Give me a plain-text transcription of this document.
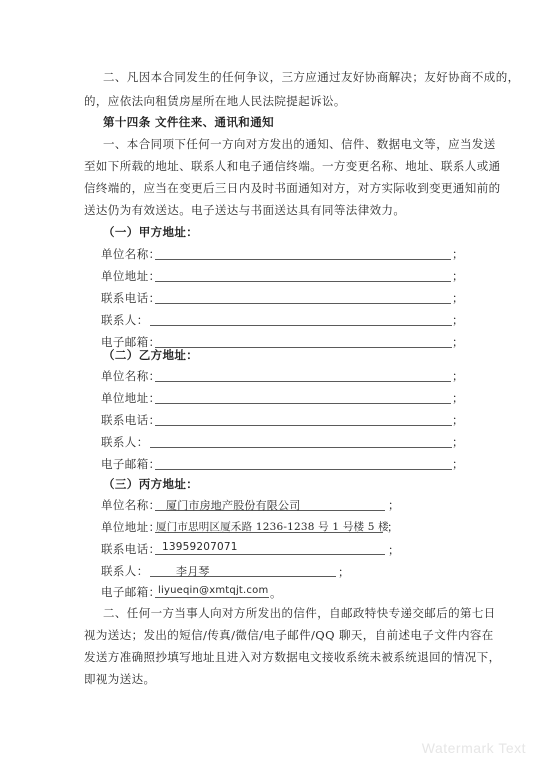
二、凡因本合同发生的任何争议，三方应通过友好协商解决；友好协商不成的，
的，应依法向租赁房屋所在地人民法院提起诉讼。
第十四条 文件往来、通讯和通知
一、本合同项下任何一方向对方发出的通知、信件、数据电文等，应当发送
至如下所载的地址、联系人和电子通信终端。一方变更名称、地址、联系人或通
信终端的，应当在变更后三日内及时书面通知对方，对方实际收到变更通知前的
送达仍为有效送达。电子送达与书面送达具有同等法律效力。
（一）甲方地址：
单位名称：	；
单位地址：	；
联系电话：	；
联系人：	；
电子邮箱：	；
（二）乙方地址：
单位名称：	；
单位地址：	；
联系电话：	；
联系人：	；
电子邮箱：	；
（三）丙方地址：
单位名称： 厦门市房地产股份有限公司	；
单位地址：
厦门市思明区厦禾路 1236-1238 号 1 号楼 5 楼
；
联系电话： 13959207071	；
联系人： 李月琴	；
电子邮箱：
liyueqin@xmtqjt.com 。
二、任何一方当事人向对方所发出的信件，自邮政特快专递交邮后的第七日
视为送达；发出的短信/传真/微信/电子邮件/QQ 聊天，自前述电子文件内容在
发送方准确照抄填写地址且进入对方数据电文接收系统未被系统退回的情况下，
即视为送达。
Watermark Text
